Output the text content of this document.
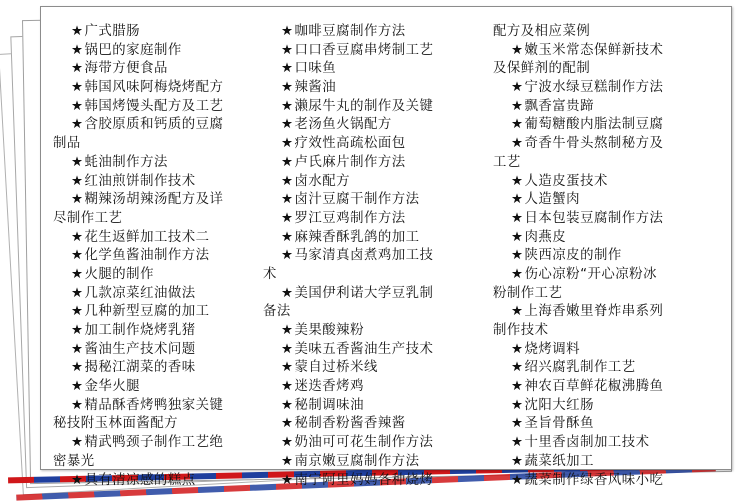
★广式腊肠
★锅巴的家庭制作
★海带方便食品
★韩国风味阿梅烧烤配方
★韩国烤馒头配方及工艺
★含胶原质和钙质的豆腐
制品
★蚝油制作方法
★红油煎饼制作技术
★糊辣汤胡辣汤配方及详
尽制作工艺
★花生返鲜加工技术二
★化学鱼酱油制作方法
★火腿的制作
★几款凉菜红油做法
★几种新型豆腐的加工
★加工制作烧烤乳猪
★酱油生产技术问题
★揭秘江湖菜的香味
★金华火腿
★精品酥香烤鸭独家关键
秘技附玉林面酱配方
★精武鸭颈子制作工艺绝
密暴光
★具有清凉感的糕点
★咖啡豆腐制作方法
★口口香豆腐串烤制工艺
★口味鱼
★辣酱油
★濑尿牛丸的制作及关键
★老汤鱼火锅配方
★疗效性高疏松面包
★卢氏麻片制作方法
★卤水配方
★卤汁豆腐干制作方法
★罗江豆鸡制作方法
★麻辣香酥乳鸽的加工
★马家清真卤煮鸡加工技
术
★美国伊利诺大学豆乳制
备法
★美果酸辣粉
★美味五香酱油生产技术
★蒙自过桥米线
★迷迭香烤鸡
★秘制调味油
★秘制香粉酱香辣酱
★奶油可可花生制作方法
★南京嫩豆腐制作方法
★南宁阿里妈妈各种烧烤
配方及相应菜例
★嫩玉米常态保鲜新技术
及保鲜剂的配制
★宁波水绿豆糕制作方法
★飘香富贵蹄
★葡萄糖酸内脂法制豆腐
★奇香牛骨头熬制秘方及
工艺
★人造皮蛋技术
★人造蟹肉
★日本包装豆腐制作方法
★肉燕皮
★陕西凉皮的制作
★伤心凉粉“开心凉粉冰
粉制作工艺
★上海香嫩里脊炸串系列
制作技术
★烧烤调料
★绍兴腐乳制作工艺
★神农百草鲜花椒沸腾鱼
★沈阳大红肠
★圣旨骨酥鱼
★十里香卤制加工技术
★蔬菜纸加工
★蔬菜制作绿香风味小吃
